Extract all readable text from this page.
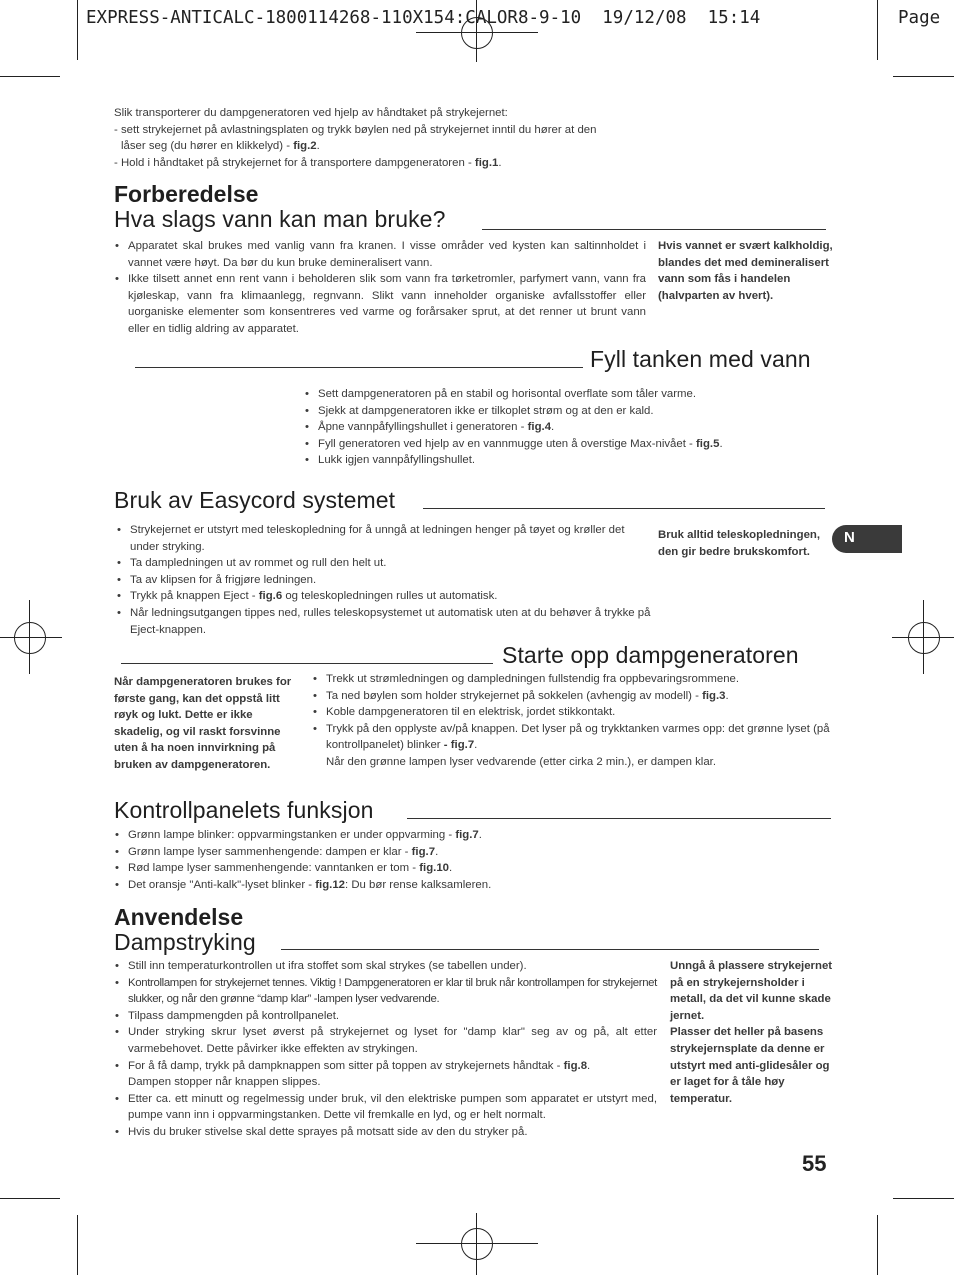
EXPRESS-ANTICALC-1800114268-110X154:CALOR8-9-10 19/12/08 15:14	Page
Slik transporterer du dampgeneratoren ved hjelp av håndtaket på strykejernet:
- sett strykejernet på avlastningsplaten og trykk bøylen ned på strykejernet inntil du hører at den
låser seg (du hører en klikkelyd) - fig.2.
- Hold i håndtaket på strykejernet for å transportere dampgeneratoren - fig.1.
Forberedelse
Hva slags vann kan man bruke?
• Apparatet skal brukes med vanlig vann fra kranen. I visse områder ved kysten kan saltinnholdet i vannet være høyt. Da bør du kun bruke demineralisert vann.
• Ikke tilsett annet enn rent vann i beholderen slik som vann fra tørketromler, parfymert vann, vann fra kjøleskap, vann fra klimaanlegg, regnvann. Slikt vann inneholder organiske avfallsstoffer eller uorganiske elementer som konsentreres ved varme og forårsaker sprut, at det renner ut brunt vann eller en tidlig aldring av apparatet.
Hvis vannet er svært kalkholdig, blandes det med demineralisert vann som fås i handelen (halvparten av hvert).
Fyll tanken med vann
• Sett dampgeneratoren på en stabil og horisontal overflate som tåler varme.
• Sjekk at dampgeneratoren ikke er tilkoplet strøm og at den er kald.
• Åpne vannpåfyllingshullet i generatoren - fig.4.
• Fyll generatoren ved hjelp av en vannmugge uten å overstige Max-nivået - fig.5.
• Lukk igjen vannpåfyllingshullet.
Bruk av Easycord systemet
• Strykejernet er utstyrt med teleskopledning for å unngå at ledningen henger på tøyet og krøller det under stryking.
• Ta dampledningen ut av rommet og rull den helt ut.
• Ta av klipsen for å frigjøre ledningen.
• Trykk på knappen Eject - fig.6 og teleskopledningen rulles ut automatisk.
• Når ledningsutgangen tippes ned, rulles teleskopsystemet ut automatisk uten at du behøver å trykke på Eject-knappen.
Bruk alltid teleskopledningen, den gir bedre brukskomfort.
N
Starte opp dampgeneratoren
Når dampgeneratoren brukes for første gang, kan det oppstå litt røyk og lukt. Dette er ikke skadelig, og vil raskt forsvinne uten å ha noen innvirkning på bruken av dampgeneratoren.
• Trekk ut strømledningen og dampledningen fullstendig fra oppbevaringsrommene.
• Ta ned bøylen som holder strykejernet på sokkelen (avhengig av modell) - fig.3.
• Koble dampgeneratoren til en elektrisk, jordet stikkontakt.
• Trykk på den opplyste av/på knappen. Det lyser på og trykktanken varmes opp: det grønne lyset (på kontrollpanelet) blinker - fig.7.
Når den grønne lampen lyser vedvarende (etter cirka 2 min.), er dampen klar.
Kontrollpanelets funksjon
• Grønn lampe blinker: oppvarmingstanken er under oppvarming - fig.7.
• Grønn lampe lyser sammenhengende: dampen er klar - fig.7.
• Rød lampe lyser sammenhengende: vanntanken er tom - fig.10.
• Det oransje "Anti-kalk"-lyset blinker - fig.12: Du bør rense kalksamleren.
Anvendelse
Dampstryking
• Still inn temperaturkontrollen ut ifra stoffet som skal strykes (se tabellen under).
• Kontrollampen for strykejernet tennes. Viktig ! Dampgeneratoren er klar til bruk når kontrollampen for strykejernet slukker, og når den grønne “damp klar” -lampen lyser vedvarende.
• Tilpass dampmengden på kontrollpanelet.
• Under stryking skrur lyset øverst på strykejernet og lyset for "damp klar" seg av og på, alt etter varmebehovet. Dette påvirker ikke effekten av strykingen.
• For å få damp, trykk på dampknappen som sitter på toppen av strykejernets håndtak - fig.8.
Dampen stopper når knappen slippes.
• Etter ca. ett minutt og regelmessig under bruk, vil den elektriske pumpen som apparatet er utstyrt med, pumpe vann inn i oppvarmingstanken. Dette vil fremkalle en lyd, og er helt normalt.
• Hvis du bruker stivelse skal dette sprayes på motsatt side av den du stryker på.
Unngå å plassere strykejernet på en strykejernsholder i metall, da det vil kunne skade jernet.
Plasser det heller på basens strykejernsplate da denne er utstyrt med anti-glidesåler og er laget for å tåle høy temperatur.
55
